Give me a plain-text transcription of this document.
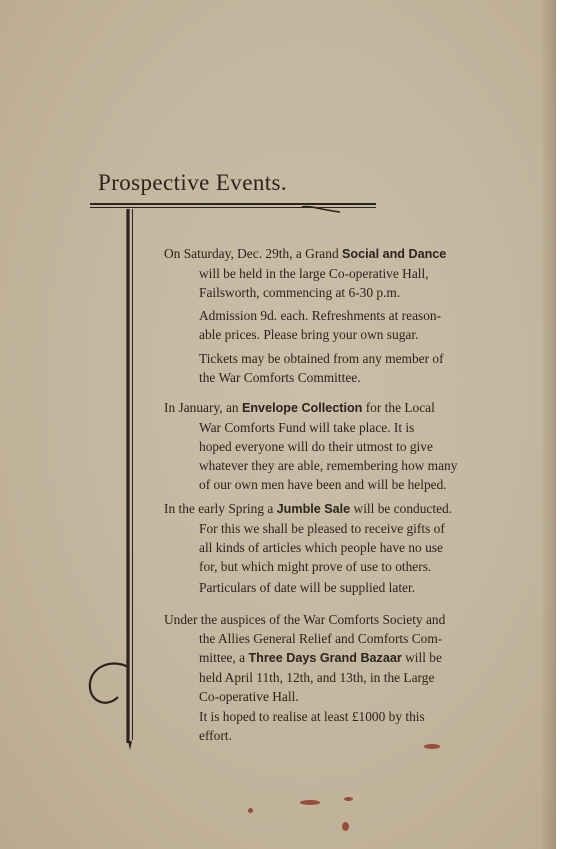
Prospective Events.
On Saturday, Dec. 29th, a Grand Social and Dance
will be held in the large Co-operative Hall,
Failsworth, commencing at 6-30 p.m.
Admission 9d. each. Refreshments at reason-
able prices. Please bring your own sugar.
Tickets may be obtained from any member of
the War Comforts Committee.
In January, an Envelope Collection for the Local
War Comforts Fund will take place. It is
hoped everyone will do their utmost to give
whatever they are able, remembering how many
of our own men have been and will be helped.
In the early Spring a Jumble Sale will be conducted.
For this we shall be pleased to receive gifts of
all kinds of articles which people have no use
for, but which might prove of use to others.
Particulars of date will be supplied later.
Under the auspices of the War Comforts Society and
the Allies General Relief and Comforts Com-
mittee, a Three Days Grand Bazaar will be
held April 11th, 12th, and 13th, in the Large
Co-operative Hall.
It is hoped to realise at least £1000 by this
effort.
